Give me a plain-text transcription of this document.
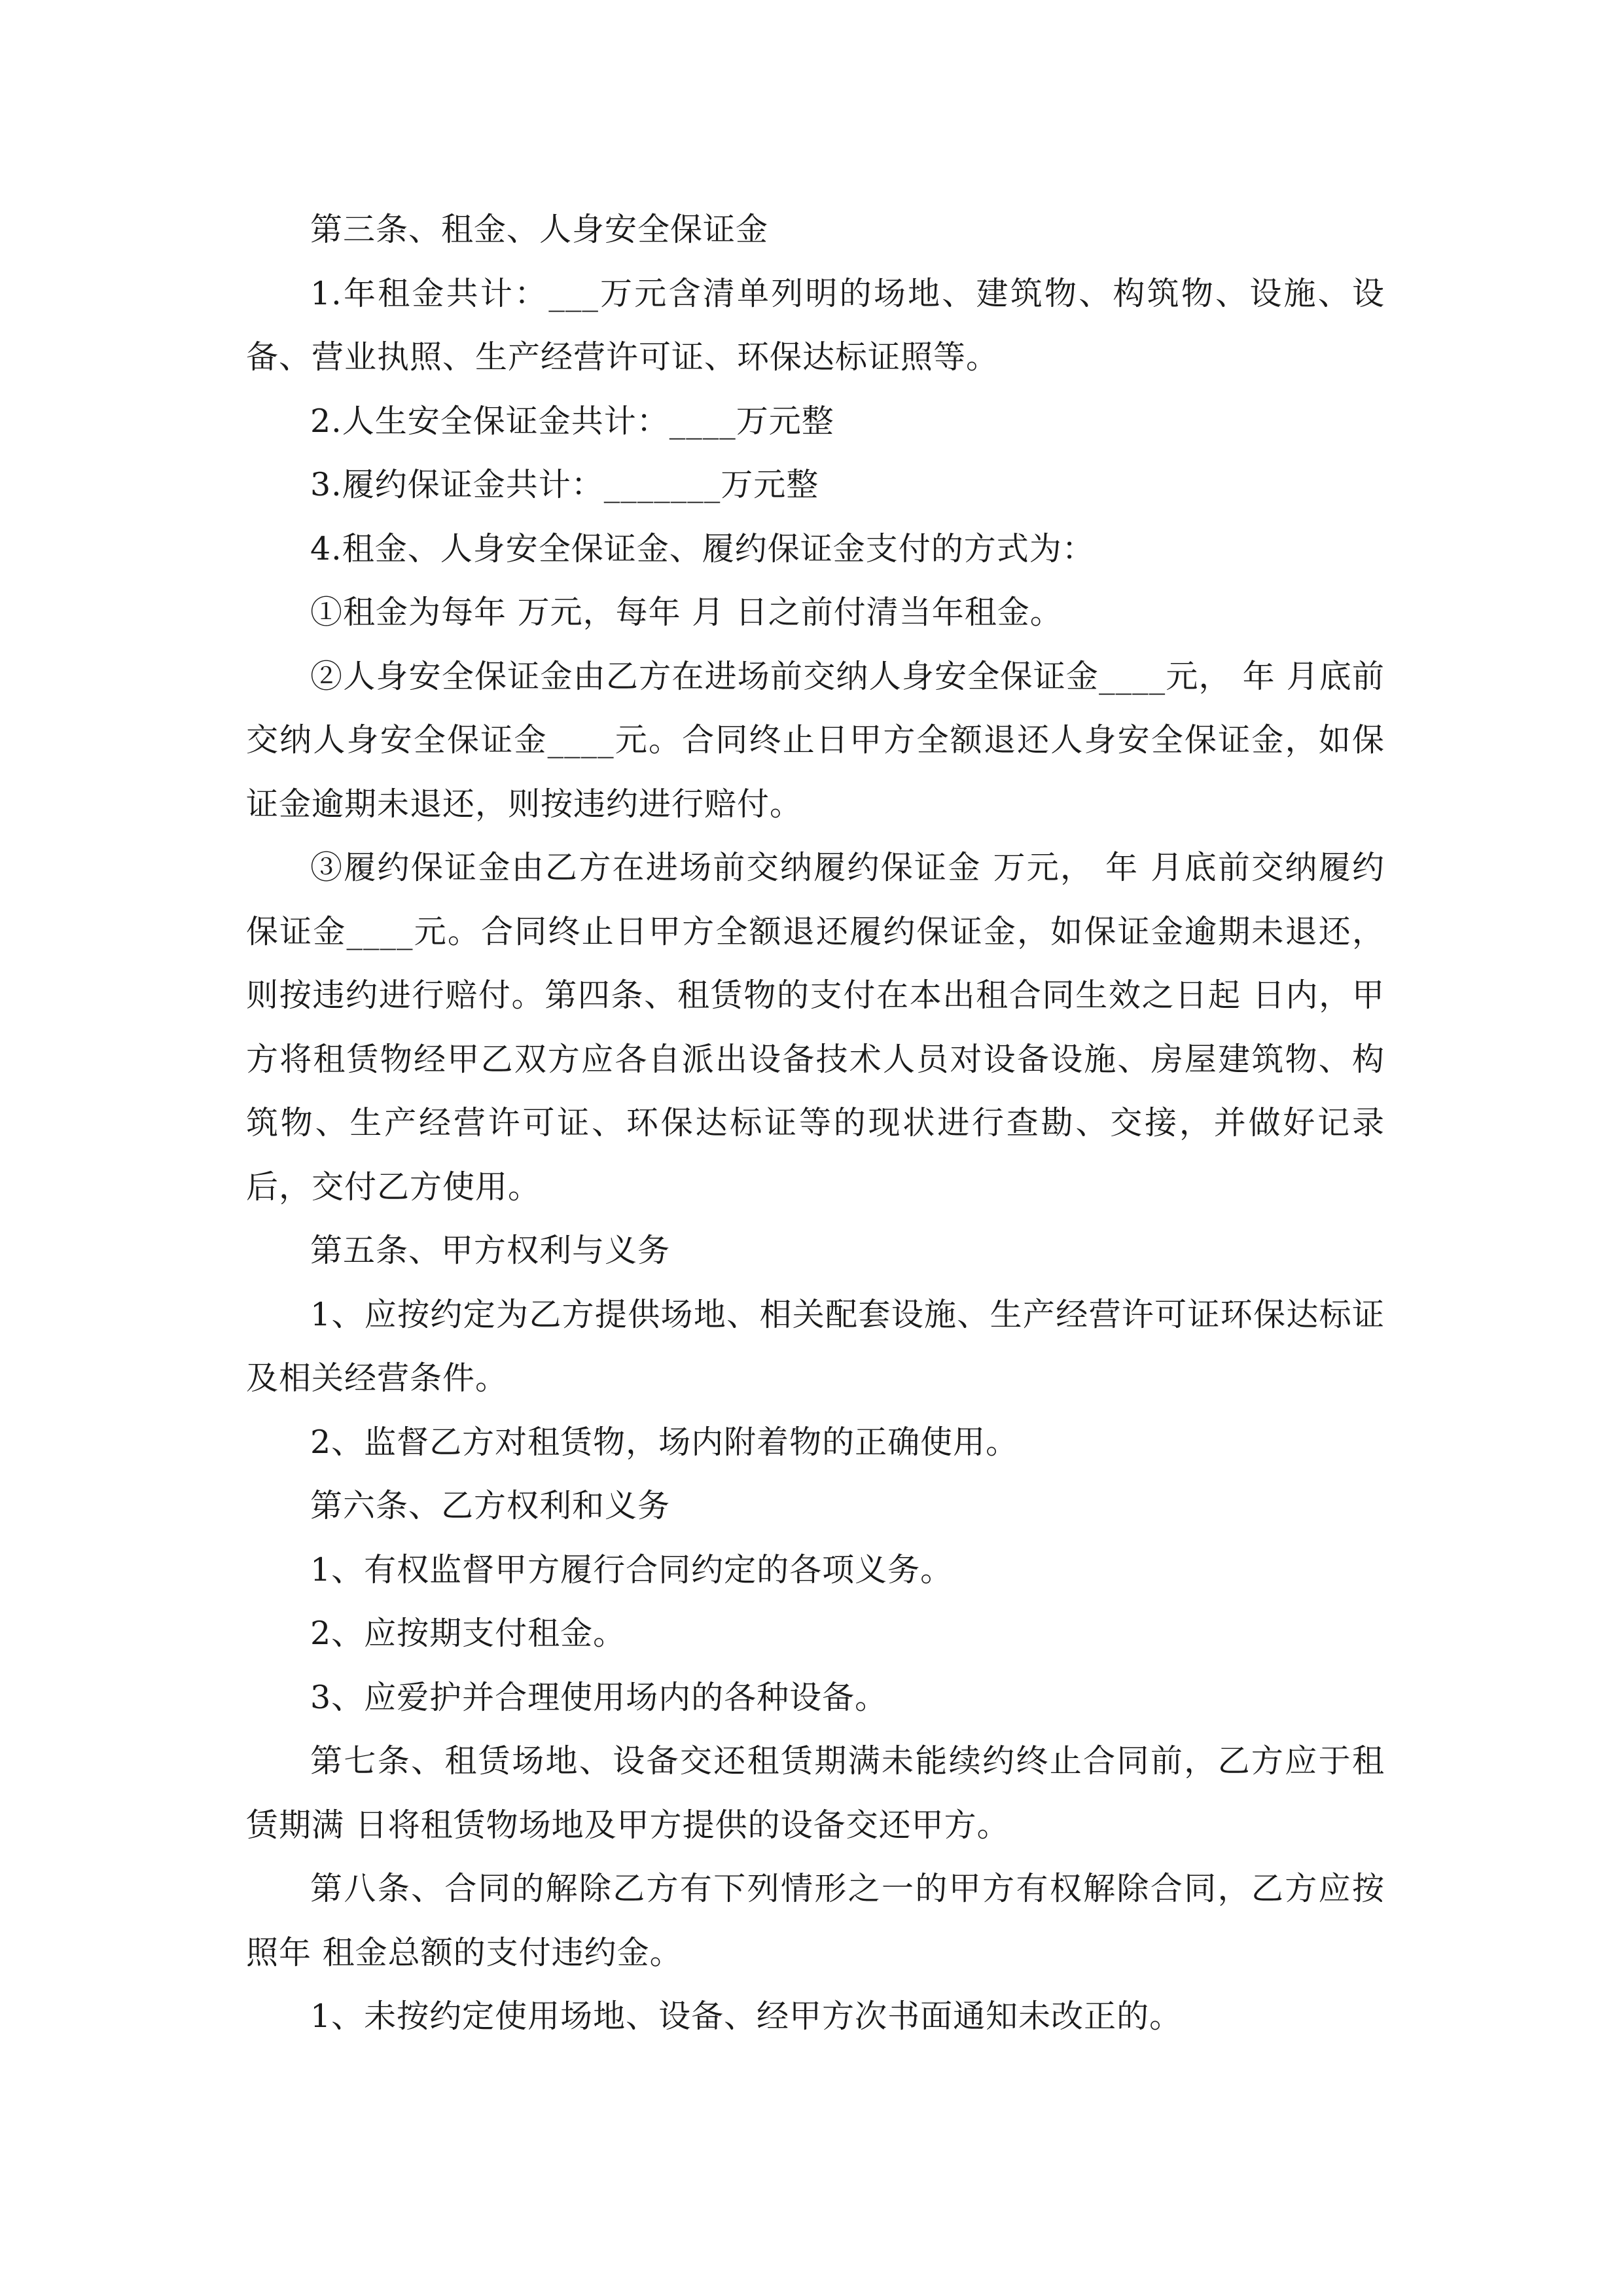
第三条、租金、人身安全保证金

1.年租金共计：___万元含清单列明的场地、建筑物、构筑物、设施、设备、营业执照、生产经营许可证、环保达标证照等。

2.人生安全保证金共计：____万元整

3.履约保证金共计：_______万元整

4.租金、人身安全保证金、履约保证金支付的方式为：

①租金为每年 万元，每年 月 日之前付清当年租金。

②人身安全保证金由乙方在进场前交纳人身安全保证金____元， 年 月底前交纳人身安全保证金____元。合同终止日甲方全额退还人身安全保证金，如保证金逾期未退还，则按违约进行赔付。

③履约保证金由乙方在进场前交纳履约保证金 万元， 年 月底前交纳履约保证金____元。合同终止日甲方全额退还履约保证金，如保证金逾期未退还，则按违约进行赔付。第四条、租赁物的支付在本出租合同生效之日起 日内，甲方将租赁物经甲乙双方应各自派出设备技术人员对设备设施、房屋建筑物、构筑物、生产经营许可证、环保达标证等的现状进行查勘、交接，并做好记录后，交付乙方使用。

第五条、甲方权利与义务

1、应按约定为乙方提供场地、相关配套设施、生产经营许可证环保达标证及相关经营条件。

2、监督乙方对租赁物，场内附着物的正确使用。

第六条、乙方权利和义务

1、有权监督甲方履行合同约定的各项义务。

2、应按期支付租金。

3、应爱护并合理使用场内的各种设备。

第七条、租赁场地、设备交还租赁期满未能续约终止合同前，乙方应于租赁期满 日将租赁物场地及甲方提供的设备交还甲方。

第八条、合同的解除乙方有下列情形之一的甲方有权解除合同，乙方应按照年 租金总额的支付违约金。

1、未按约定使用场地、设备、经甲方次书面通知未改正的。
